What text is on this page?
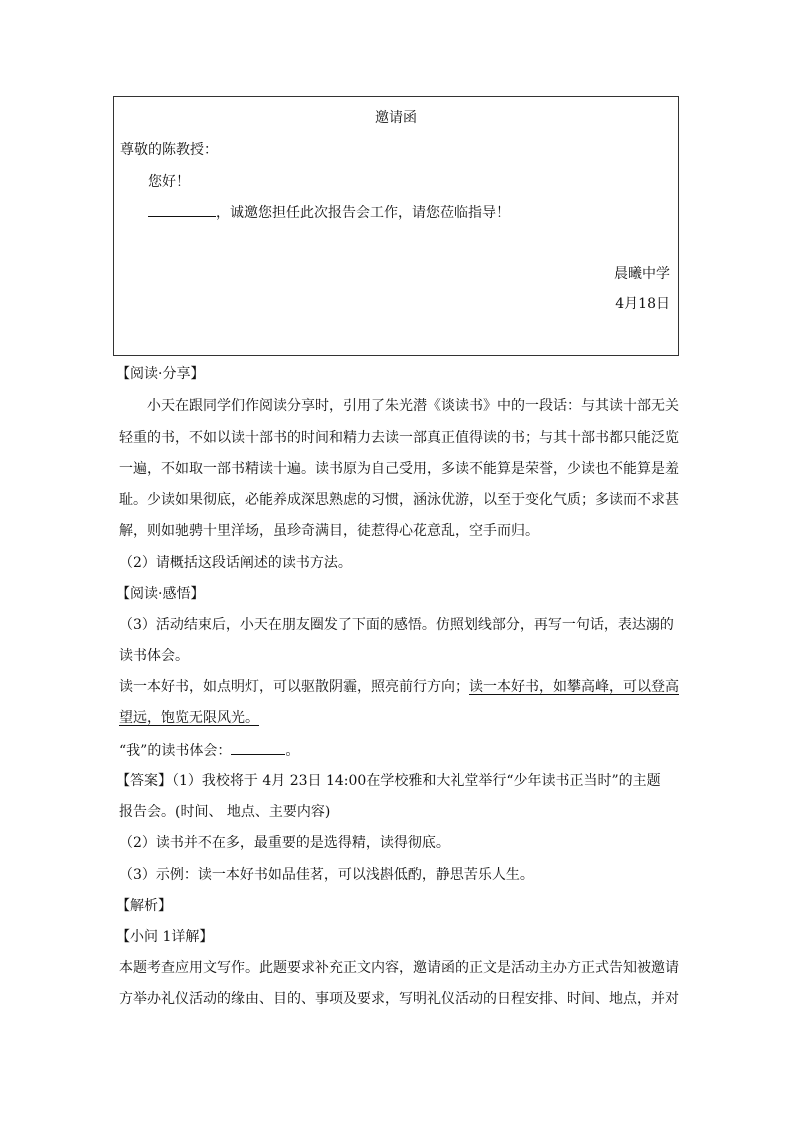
邀请函
尊敬的陈教授：
您好！
，诚邀您担任此次报告会工作，请您莅临指导！
晨曦中学
4月18日
【阅读·分享】
小天在跟同学们作阅读分享时，引用了朱光潜《谈读书》中的一段话：与其读十部无关
轻重的书，不如以读十部书的时间和精力去读一部真正值得读的书；与其十部书都只能泛览
一遍，不如取一部书精读十遍。读书原为自己受用，多读不能算是荣誉，少读也不能算是羞
耻。少读如果彻底，必能养成深思熟虑的习惯，涵泳优游，以至于变化气质；多读而不求甚
解，则如驰骋十里洋场，虽珍奇满目，徒惹得心花意乱，空手而归。
（2）请概括这段话阐述的读书方法。
【阅读·感悟】
（3）活动结束后，小天在朋友圈发了下面的感悟。仿照划线部分，再写一句话，表达溺的
读书体会。
读一本好书，如点明灯，可以驱散阴霾，照亮前行方向；读一本好书，如攀高峰，可以登高
望远，饱览无限风光。
“我”的读书体会：	。
【答案】（1）我校将于 4月 23日 14:00在学校雅和大礼堂举行“少年读书正当时”的主题
报告会。(时间、 地点、主要内容)
（2）读书并不在多，最重要的是选得精，读得彻底。
（3）示例：读一本好书如品佳茗，可以浅斟低酌，静思苦乐人生。
【解析】
【小问 1详解】
本题考查应用文写作。此题要求补充正文内容，邀请函的正文是活动主办方正式告知被邀请
方举办礼仪活动的缘由、目的、事项及要求，写明礼仪活动的日程安排、时间、地点，并对
